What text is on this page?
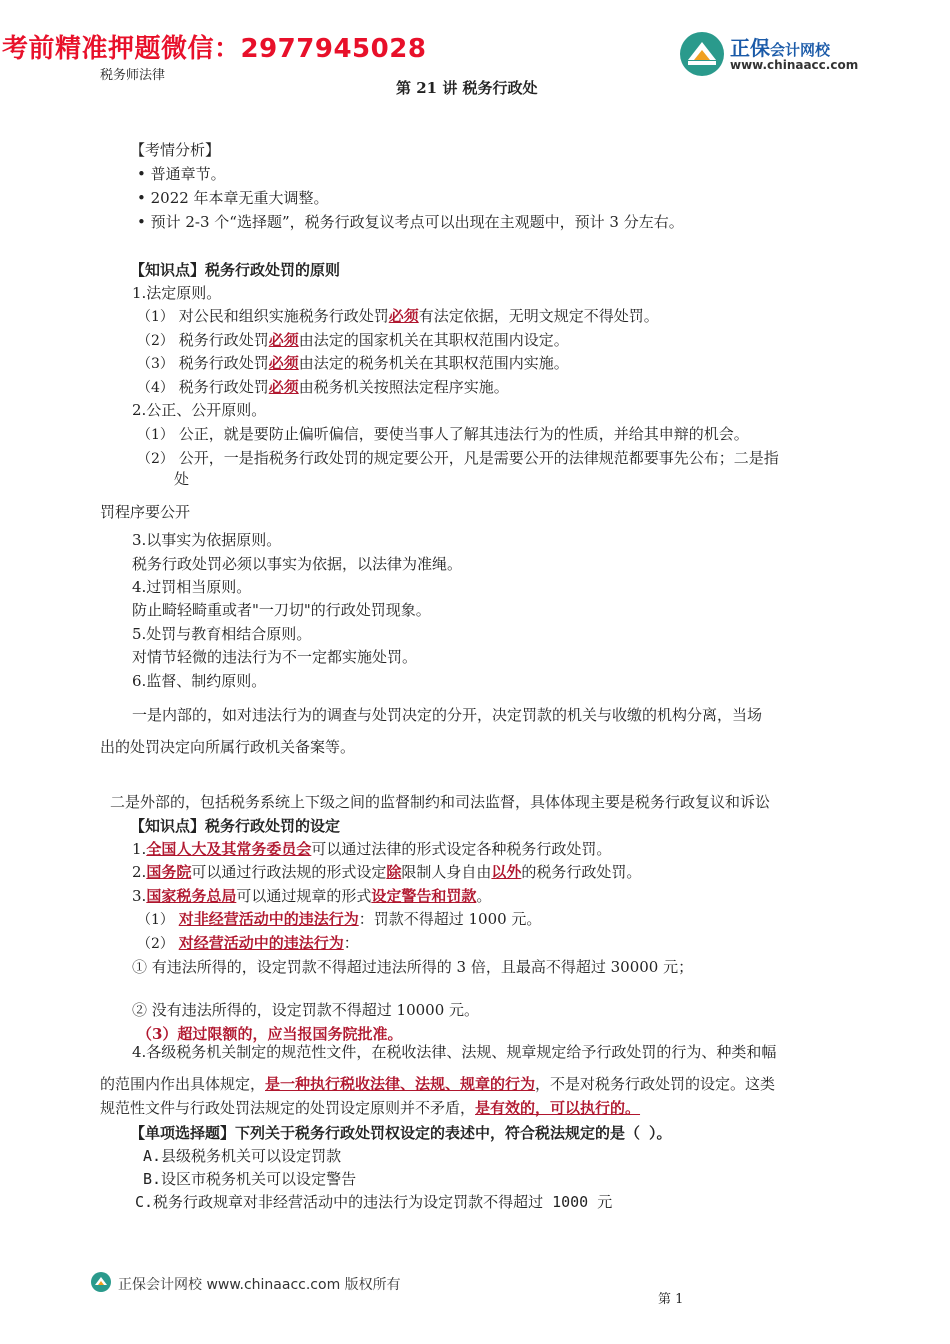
考前精准押题微信：2977945028	正保会计网校
www.chinaacc.com
税务师法律
第 21 讲 税务行政处
【考情分析】
• 普通章节。
• 2022 年本章无重大调整。
• 预计 2-3 个“选择题”，税务行政复议考点可以出现在主观题中，预计 3 分左右。
【知识点】税务行政处罚的原则
1.法定原则。
（1） 对公民和组织实施税务行政处罚必须有法定依据，无明文规定不得处罚。
（2） 税务行政处罚必须由法定的国家机关在其职权范围内设定。
（3） 税务行政处罚必须由法定的税务机关在其职权范围内实施。
（4） 税务行政处罚必须由税务机关按照法定程序实施。
2.公正、公开原则。
（1） 公正，就是要防止偏听偏信，要使当事人了解其违法行为的性质，并给其申辩的机会。
（2） 公开，一是指税务行政处罚的规定要公开，凡是需要公开的法律规范都要事先公布；二是指
处
罚程序要公开
3.以事实为依据原则。
税务行政处罚必须以事实为依据，以法律为准绳。
4.过罚相当原则。
防止畸轻畸重或者"一刀切"的行政处罚现象。
5.处罚与教育相结合原则。
对情节轻微的违法行为不一定都实施处罚。
6.监督、制约原则。
一是内部的，如对违法行为的调查与处罚决定的分开，决定罚款的机关与收缴的机构分离，当场
出的处罚决定向所属行政机关备案等。
二是外部的，包括税务系统上下级之间的监督制约和司法监督，具体体现主要是税务行政复议和诉讼
【知识点】税务行政处罚的设定
1.全国人大及其常务委员会可以通过法律的形式设定各种税务行政处罚。
2.国务院可以通过行政法规的形式设定除限制人身自由以外的税务行政处罚。
3.国家税务总局可以通过规章的形式设定警告和罚款。
（1） 对非经营活动中的违法行为：罚款不得超过 1000 元。
（2） 对经营活动中的违法行为：
① 有违法所得的，设定罚款不得超过违法所得的 3 倍，且最高不得超过 30000 元；
② 没有违法所得的，设定罚款不得超过 10000 元。
（3）超过限额的，应当报国务院批准。
4.各级税务机关制定的规范性文件，在税收法律、法规、规章规定给予行政处罚的行为、种类和幅
的范围内作出具体规定，是一种执行税收法律、法规、规章的行为，不是对税务行政处罚的设定。这类
规范性文件与行政处罚法规定的处罚设定原则并不矛盾，是有效的，可以执行的。
【单项选择题】下列关于税务行政处罚权设定的表述中，符合税法规定的是（ ）。
A.县级税务机关可以设定罚款
B.设区市税务机关可以设定警告
C.税务行政规章对非经营活动中的违法行为设定罚款不得超过 1000 元
正保会计网校 www.chinaacc.com 版权所有
第 1
